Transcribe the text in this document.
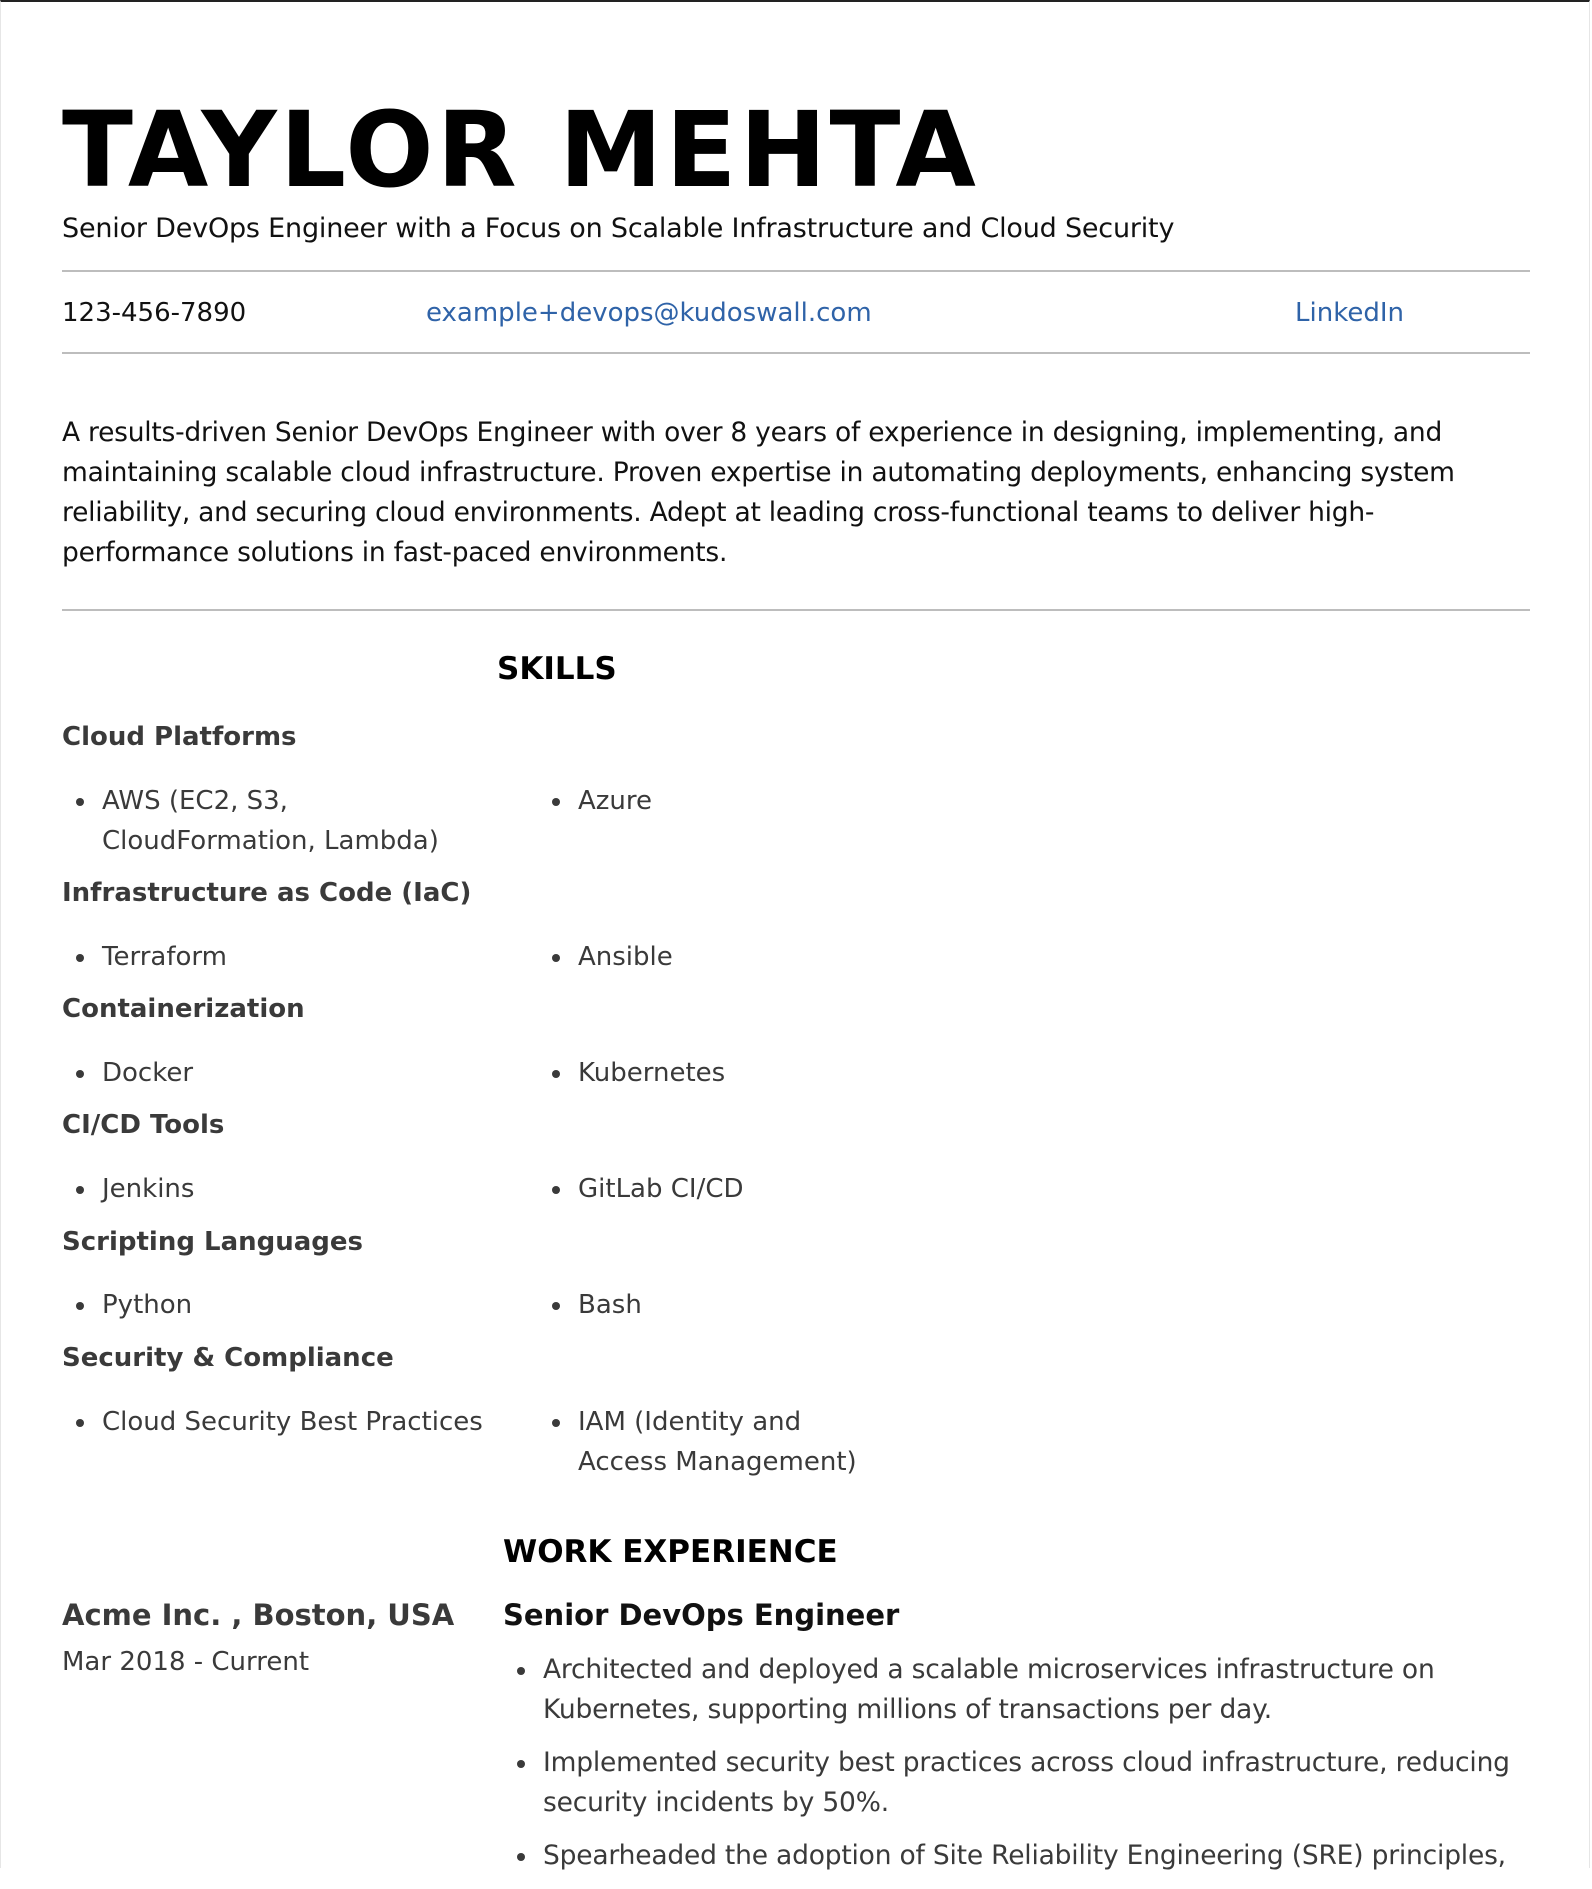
TAYLOR MEHTA
Senior DevOps Engineer with a Focus on Scalable Infrastructure and Cloud Security
123-456-7890	example+devops@kudoswall.com	LinkedIn

A results-driven Senior DevOps Engineer with over 8 years of experience in designing, implementing, and maintaining scalable cloud infrastructure. Proven expertise in automating deployments, enhancing system reliability, and securing cloud environments. Adept at leading cross-functional teams to deliver high-performance solutions in fast-paced environments.

SKILLS
Cloud Platforms
AWS (EC2, S3, CloudFormation, Lambda)
Azure
Infrastructure as Code (IaC)
Terraform	Ansible
Containerization
Docker	Kubernetes
CI/CD Tools
Jenkins	GitLab CI/CD
Scripting Languages
Python	Bash
Security & Compliance
Cloud Security Best Practices	IAM (Identity and Access Management)
WORK EXPERIENCE
Acme Inc. , Boston, USA
Mar 2018 - Current
Senior DevOps Engineer
Architected and deployed a scalable microservices infrastructure on Kubernetes, supporting millions of transactions per day.
Implemented security best practices across cloud infrastructure, reducing security incidents by 50%.
Spearheaded the adoption of Site Reliability Engineering (SRE) principles,
